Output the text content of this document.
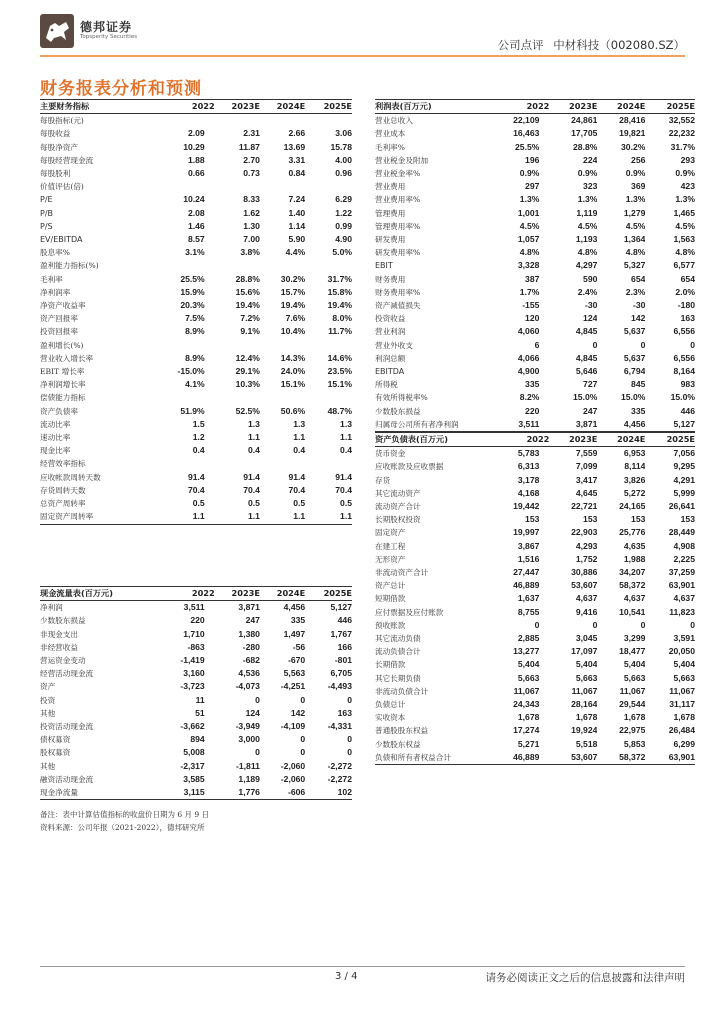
德邦证券
Topsperity Securities
公司点评 中材科技（002080.SZ）
财务报表分析和预测
主要财务指标	2022	2023E	2024E	2025E
每股指标(元)				
每股收益	2.09	2.31	2.66	3.06
每股净资产	10.29	11.87	13.69	15.78
每股经营现金流	1.88	2.70	3.31	4.00
每股股利	0.66	0.73	0.84	0.96
价值评估(倍)				
P/E	10.24	8.33	7.24	6.29
P/B	2.08	1.62	1.40	1.22
P/S	1.46	1.30	1.14	0.99
EV/EBITDA	8.57	7.00	5.90	4.90
股息率%	3.1%	3.8%	4.4%	5.0%
盈利能力指标(%)				
毛利率	25.5%	28.8%	30.2%	31.7%
净利润率	15.9%	15.6%	15.7%	15.8%
净资产收益率	20.3%	19.4%	19.4%	19.4%
资产回报率	7.5%	7.2%	7.6%	8.0%
投资回报率	8.9%	9.1%	10.4%	11.7%
盈利增长(%)				
营业收入增长率	8.9%	12.4%	14.3%	14.6%
EBIT 增长率	-15.0%	29.1%	24.0%	23.5%
净利润增长率	4.1%	10.3%	15.1%	15.1%
偿债能力指标				
资产负债率	51.9%	52.5%	50.6%	48.7%
流动比率	1.5	1.3	1.3	1.3
速动比率	1.2	1.1	1.1	1.1
现金比率	0.4	0.4	0.4	0.4
经营效率指标				
应收帐款周转天数	91.4	91.4	91.4	91.4
存货周转天数	70.4	70.4	70.4	70.4
总资产周转率	0.5	0.5	0.5	0.5
固定资产周转率	1.1	1.1	1.1	1.1
利润表(百万元)	2022	2023E	2024E	2025E
营业总收入	22,109	24,861	28,416	32,552
营业成本	16,463	17,705	19,821	22,232
毛利率%	25.5%	28.8%	30.2%	31.7%
营业税金及附加	196	224	256	293
营业税金率%	0.9%	0.9%	0.9%	0.9%
营业费用	297	323	369	423
营业费用率%	1.3%	1.3%	1.3%	1.3%
管理费用	1,001	1,119	1,279	1,465
管理费用率%	4.5%	4.5%	4.5%	4.5%
研发费用	1,057	1,193	1,364	1,563
研发费用率%	4.8%	4.8%	4.8%	4.8%
EBIT	3,328	4,297	5,327	6,577
财务费用	387	590	654	654
财务费用率%	1.7%	2.4%	2.3%	2.0%
资产减值损失	-155	-30	-30	-180
投资收益	120	124	142	163
营业利润	4,060	4,845	5,637	6,556
营业外收支	6	0	0	0
利润总额	4,066	4,845	5,637	6,556
EBITDA	4,900	5,646	6,794	8,164
所得税	335	727	845	983
有效所得税率%	8.2%	15.0%	15.0%	15.0%
少数股东损益	220	247	335	446
归属母公司所有者净利润	3,511	3,871	4,456	5,127
资产负债表(百万元)	2022	2023E	2024E	2025E
货币资金	5,783	7,559	6,953	7,056
应收账款及应收票据	6,313	7,099	8,114	9,295
存货	3,178	3,417	3,826	4,291
其它流动资产	4,168	4,645	5,272	5,999
流动资产合计	19,442	22,721	24,165	26,641
长期股权投资	153	153	153	153
固定资产	19,997	22,903	25,776	28,449
在建工程	3,867	4,293	4,635	4,908
无形资产	1,516	1,752	1,988	2,225
非流动资产合计	27,447	30,886	34,207	37,259
资产总计	46,889	53,607	58,372	63,901
短期借款	1,637	4,637	4,637	4,637
应付票据及应付账款	8,755	9,416	10,541	11,823
预收账款	0	0	0	0
其它流动负债	2,885	3,045	3,299	3,591
流动负债合计	13,277	17,097	18,477	20,050
长期借款	5,404	5,404	5,404	5,404
其它长期负债	5,663	5,663	5,663	5,663
非流动负债合计	11,067	11,067	11,067	11,067
负债总计	24,343	28,164	29,544	31,117
实收资本	1,678	1,678	1,678	1,678
普通股股东权益	17,274	19,924	22,975	26,484
少数股东权益	5,271	5,518	5,853	6,299
负债和所有者权益合计	46,889	53,607	58,372	63,901
现金流量表(百万元)	2022	2023E	2024E	2025E
净利润	3,511	3,871	4,456	5,127
少数股东损益	220	247	335	446
非现金支出	1,710	1,380	1,497	1,767
非经营收益	-863	-280	-56	166
营运资金变动	-1,419	-682	-670	-801
经营活动现金流	3,160	4,536	5,563	6,705
资产	-3,723	-4,073	-4,251	-4,493
投资	11	0	0	0
其他	51	124	142	163
投资活动现金流	-3,662	-3,949	-4,109	-4,331
债权募资	894	3,000	0	0
股权募资	5,008	0	0	0
其他	-2,317	-1,811	-2,060	-2,272
融资活动现金流	3,585	1,189	-2,060	-2,272
现金净流量	3,115	1,776	-606	102
备注：表中计算估值指标的收盘价日期为 6 月 9 日
资料来源：公司年报（2021-2022），德邦研究所
3 / 4	请务必阅读正文之后的信息披露和法律声明
